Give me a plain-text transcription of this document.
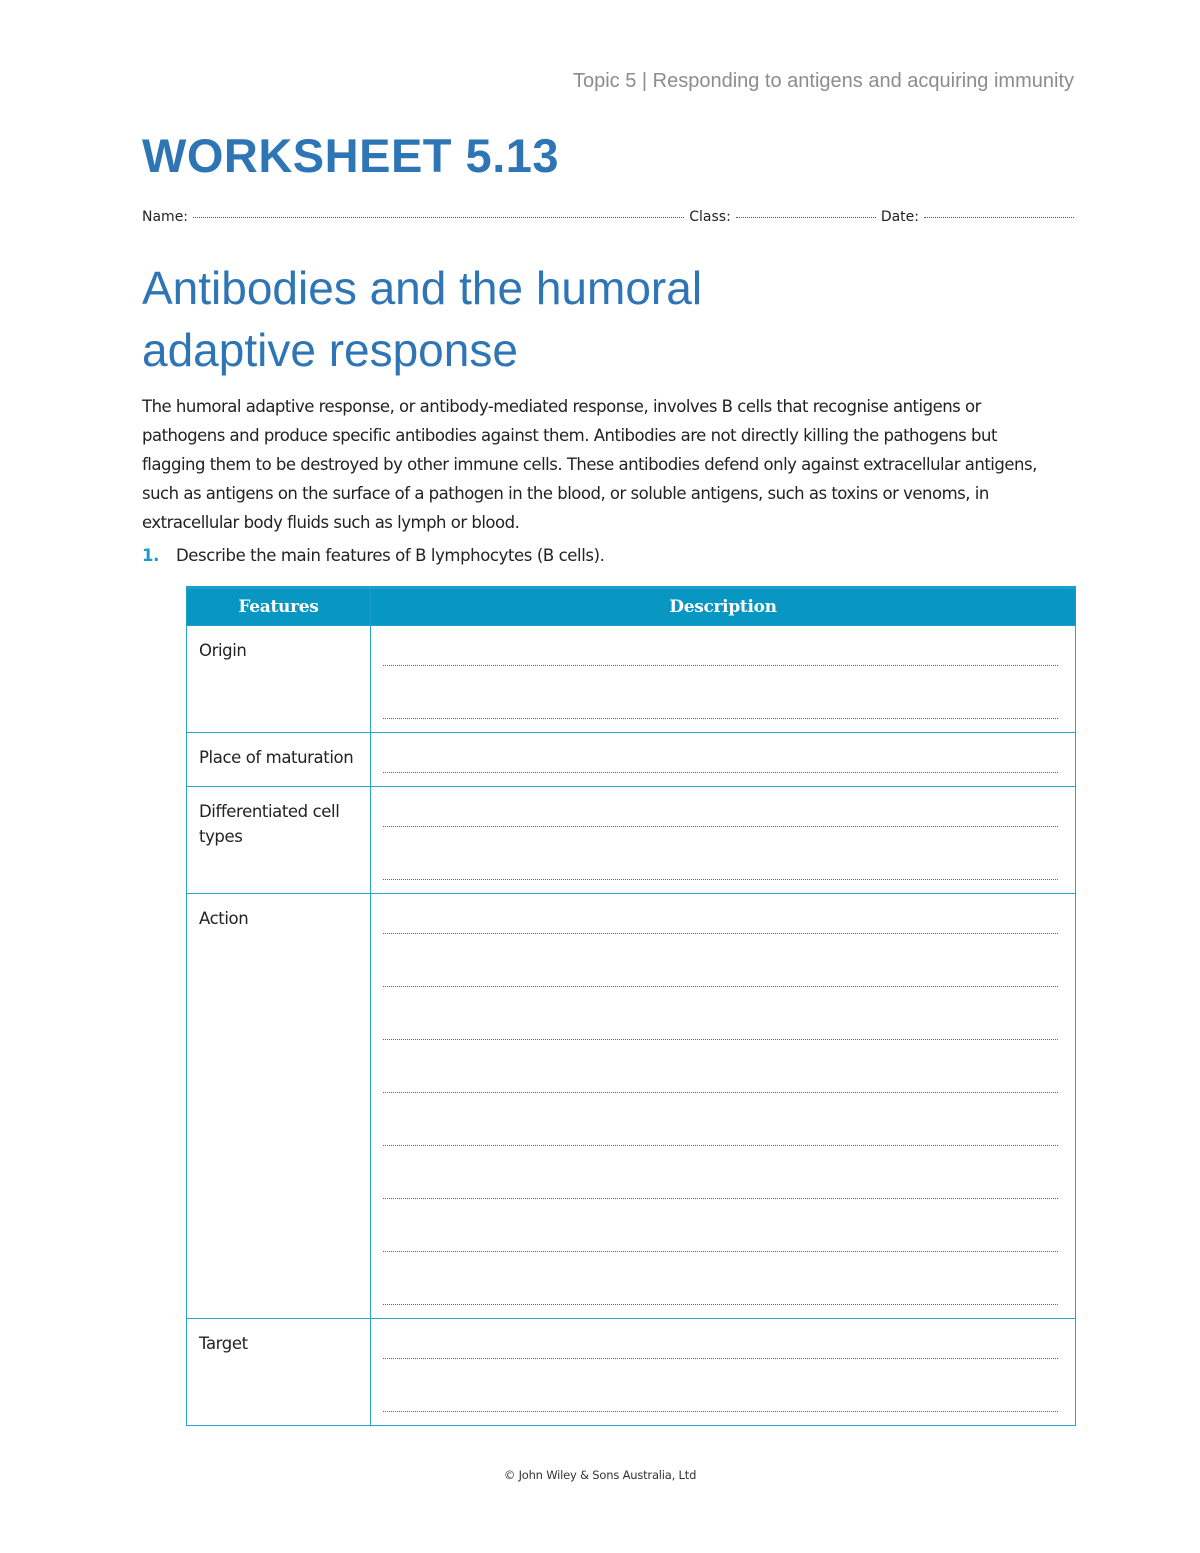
Topic 5 | Responding to antigens and acquiring immunity
WORKSHEET 5.13
Name:	Class:	Date:
Antibodies and the humoral
adaptive response
The humoral adaptive response, or antibody-mediated response, involves B cells that recognise antigens or pathogens and produce specific antibodies against them. Antibodies are not directly killing the pathogens but flagging them to be destroyed by other immune cells. These antibodies defend only against extracellular antigens, such as antigens on the surface of a pathogen in the blood, or soluble antigens, such as toxins or venoms, in extracellular body fluids such as lymph or blood.
1. Describe the main features of B lymphocytes (B cells).
Features	Description
Origin	

Place of maturation	

Differentiated cell types	

Action	

Target	
© John Wiley & Sons Australia, Ltd
